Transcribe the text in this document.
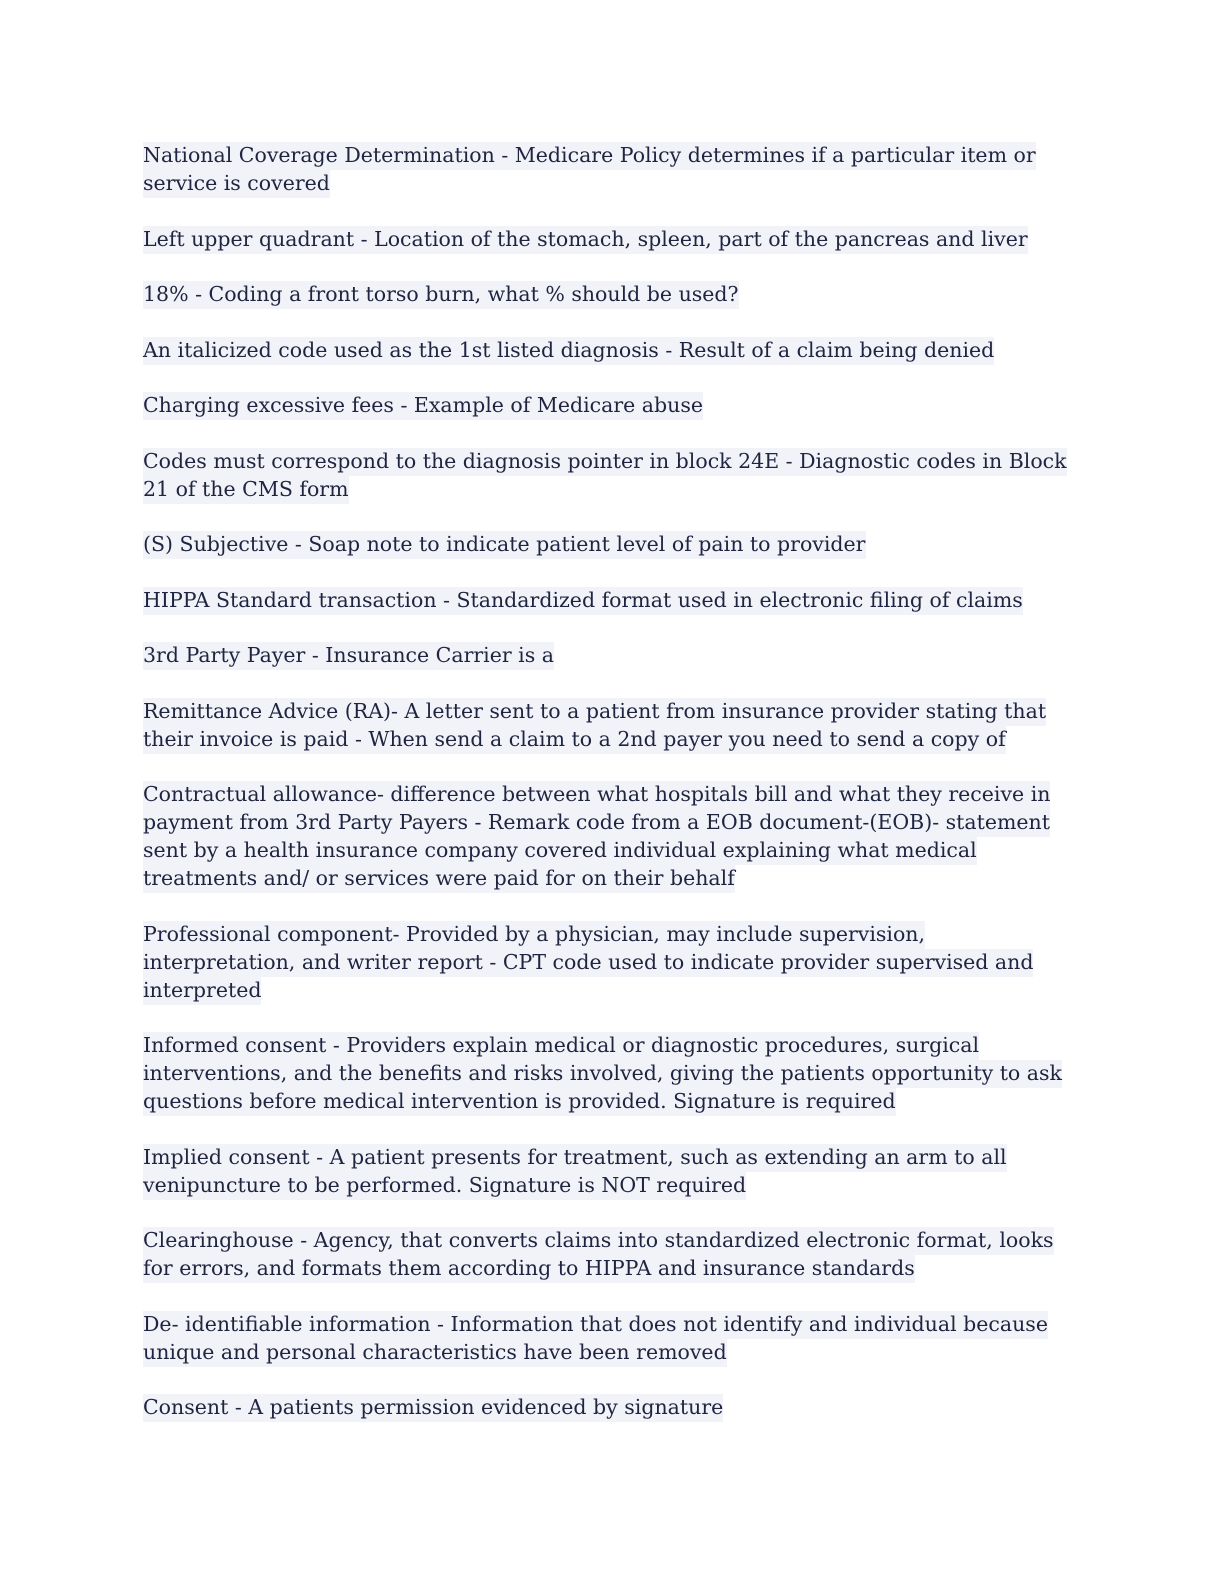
National Coverage Determination - Medicare Policy determines if a particular item or service is covered

Left upper quadrant - Location of the stomach, spleen, part of the pancreas and liver

18% - Coding a front torso burn, what % should be used?

An italicized code used as the 1st listed diagnosis - Result of a claim being denied

Charging excessive fees - Example of Medicare abuse

Codes must correspond to the diagnosis pointer in block 24E - Diagnostic codes in Block 21 of the CMS form

(S) Subjective - Soap note to indicate patient level of pain to provider

HIPPA Standard transaction - Standardized format used in electronic filing of claims

3rd Party Payer - Insurance Carrier is a

Remittance Advice (RA)- A letter sent to a patient from insurance provider stating that their invoice is paid - When send a claim to a 2nd payer you need to send a copy of

Contractual allowance- difference between what hospitals bill and what they receive in payment from 3rd Party Payers - Remark code from a EOB document-(EOB)- statement sent by a health insurance company covered individual explaining what medical treatments and/ or services were paid for on their behalf

Professional component- Provided by a physician, may include supervision, interpretation, and writer report - CPT code used to indicate provider supervised and interpreted

Informed consent - Providers explain medical or diagnostic procedures, surgical interventions, and the benefits and risks involved, giving the patients opportunity to ask questions before medical intervention is provided. Signature is required

Implied consent - A patient presents for treatment, such as extending an arm to all venipuncture to be performed. Signature is NOT required

Clearinghouse - Agency, that converts claims into standardized electronic format, looks for errors, and formats them according to HIPPA and insurance standards

De- identifiable information - Information that does not identify and individual because unique and personal characteristics have been removed

Consent - A patients permission evidenced by signature
